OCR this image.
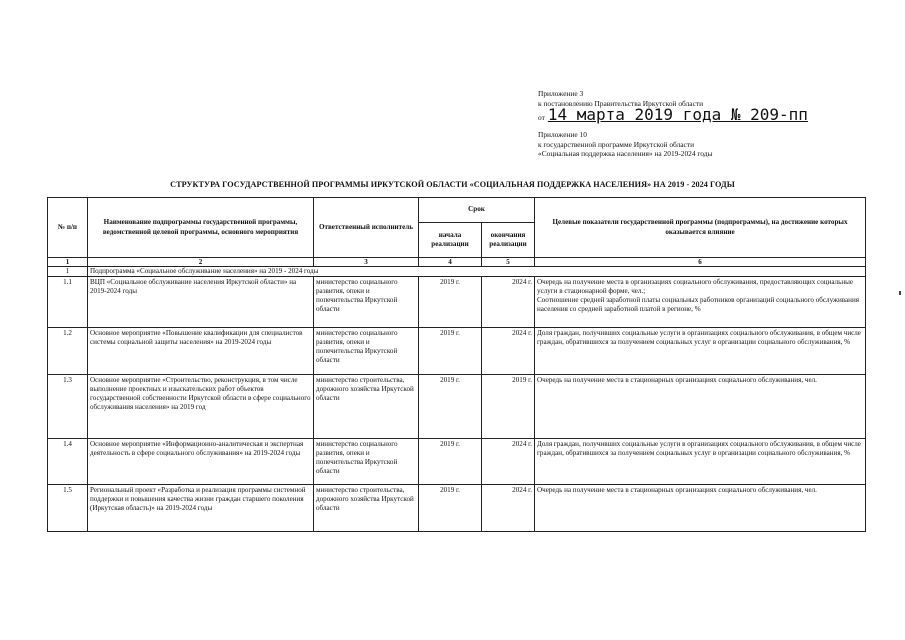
Приложение 3
к постановлению Правительства Иркутской области
от 14 марта 2019 года № 209-пп
Приложение 10
к государственной программе Иркутской области
«Социальная поддержка населения» на 2019-2024 годы
СТРУКТУРА ГОСУДАРСТВЕННОЙ ПРОГРАММЫ ИРКУТСКОЙ ОБЛАСТИ «СОЦИАЛЬНАЯ ПОДДЕРЖКА НАСЕЛЕНИЯ» НА 2019 - 2024 ГОДЫ
№ п/п	Наименование подпрограммы государственной программы, ведомственной целевой программы, основного мероприятия	Ответственный исполнитель	Срок		Целевые показатели государственной программы (подпрограммы), на достижение которых оказывается влияние
			начала реализации	окончания реализации	
1	2	3	4	5	6
1	Подпрограмма «Социальное обслуживание населения» на 2019 - 2024 годы				
1.1	ВЦП «Социальное обслуживание населения Иркутской области» на 2019-2024 годы	министерство социального развития, опеки и попечительства Иркутской области	2019 г.	2024 г.	Очередь на получение места в организациях социального обслуживания, предоставляющих социальные услуги в стационарной форме, чел.;
Соотношение средней заработной платы социальных работников организаций социального обслуживания населения со средней заработной платой в регионе, %

1.2	Основное мероприятие «Повышение квалификации для специалистов системы социальной защиты населения» на 2019-2024 годы	министерство социального развития, опеки и попечительства Иркутской области	2019 г.	2024 г.	Доля граждан, получивших социальные услуги в организациях социального обслуживания, в общем числе граждан, обратившихся за получением социальных услуг в организации социального обслуживания, %

1.3	Основное мероприятие «Строительство, реконструкция, в том числе выполнение проектных и изыскательских работ объектов государственной собственности Иркутской области в сфере социального обслуживания населения» на 2019 год	министерство строительства, дорожного хозяйства Иркутской области	2019 г.	2019 г.	Очередь на получение места в стационарных организациях социального обслуживания, чел.

1.4	Основное мероприятие «Информационно-аналитическая и экспертная деятельность в сфере социального обслуживания» на 2019-2024 годы	министерство социального развития, опеки и попечительства Иркутской области	2019 г.	2024 г.	Доля граждан, получивших социальные услуги в организациях социального обслуживания, в общем числе граждан, обратившихся за получением социальных услуг в организации социального обслуживания, %

1.5	Региональный проект «Разработка и реализация программы системной поддержки и повышения качества жизни граждан старшего поколения (Иркутская область)» на 2019-2024 годы	министерство строительства, дорожного хозяйства Иркутской области	2019 г.	2024 г.	Очередь на получение места в стационарных организациях социального обслуживания, чел.
